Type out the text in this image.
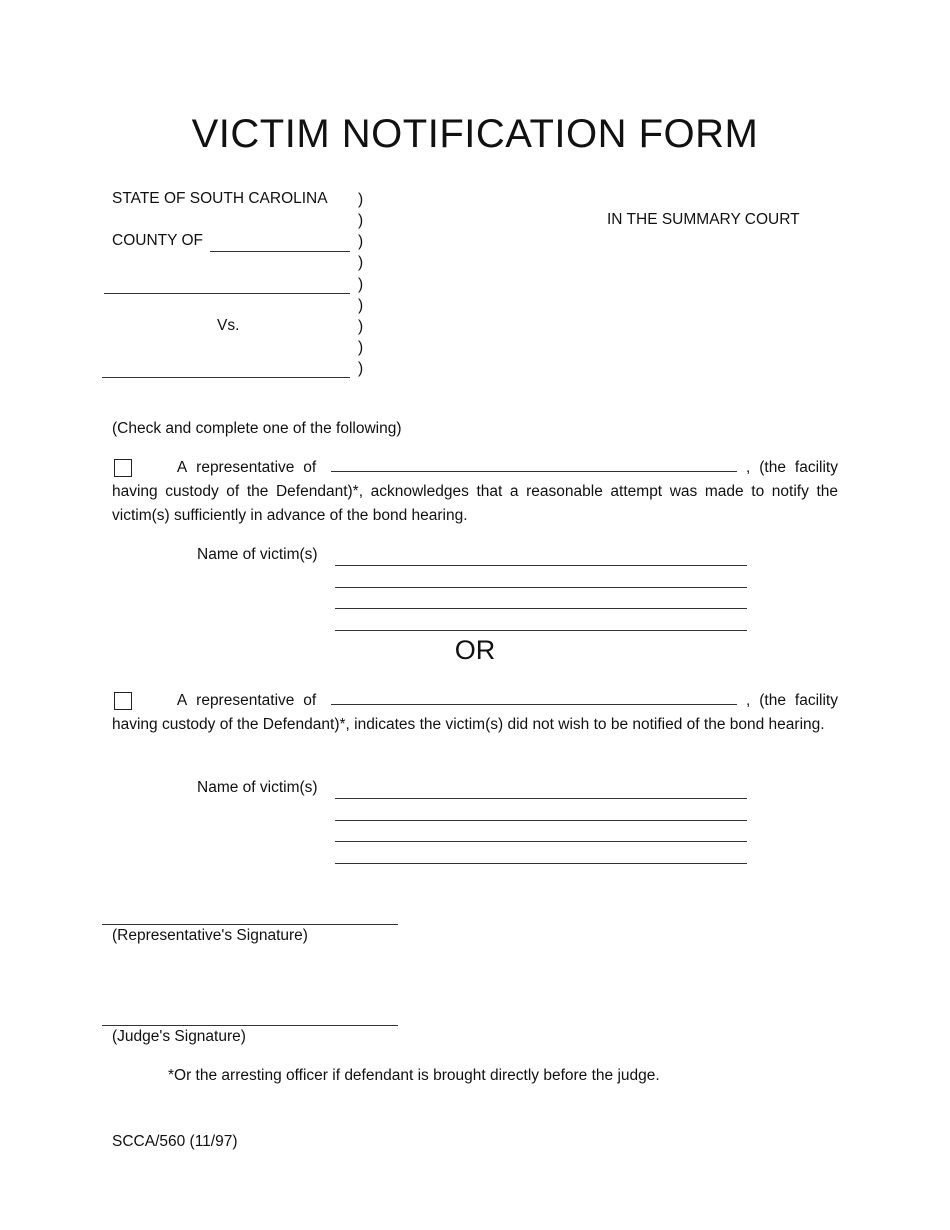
VICTIM NOTIFICATION FORM
STATE OF SOUTH CAROLINA
COUNTY OF
Vs.
)
)
)
)
)
)
)
)
)
IN THE SUMMARY COURT
(Check and complete one of the following)
A representative of	, (the facility
having custody of the Defendant)*, acknowledges that a reasonable attempt was made to notify the victim(s) sufficiently in advance of the bond hearing.
Name of victim(s)
OR
A representative of	, (the facility
having custody of the Defendant)*, indicates the victim(s) did not wish to be notified of the bond hearing.
Name of victim(s)
(Representative's Signature)
(Judge's Signature)
*Or the arresting officer if defendant is brought directly before the judge.
SCCA/560 (11/97)
